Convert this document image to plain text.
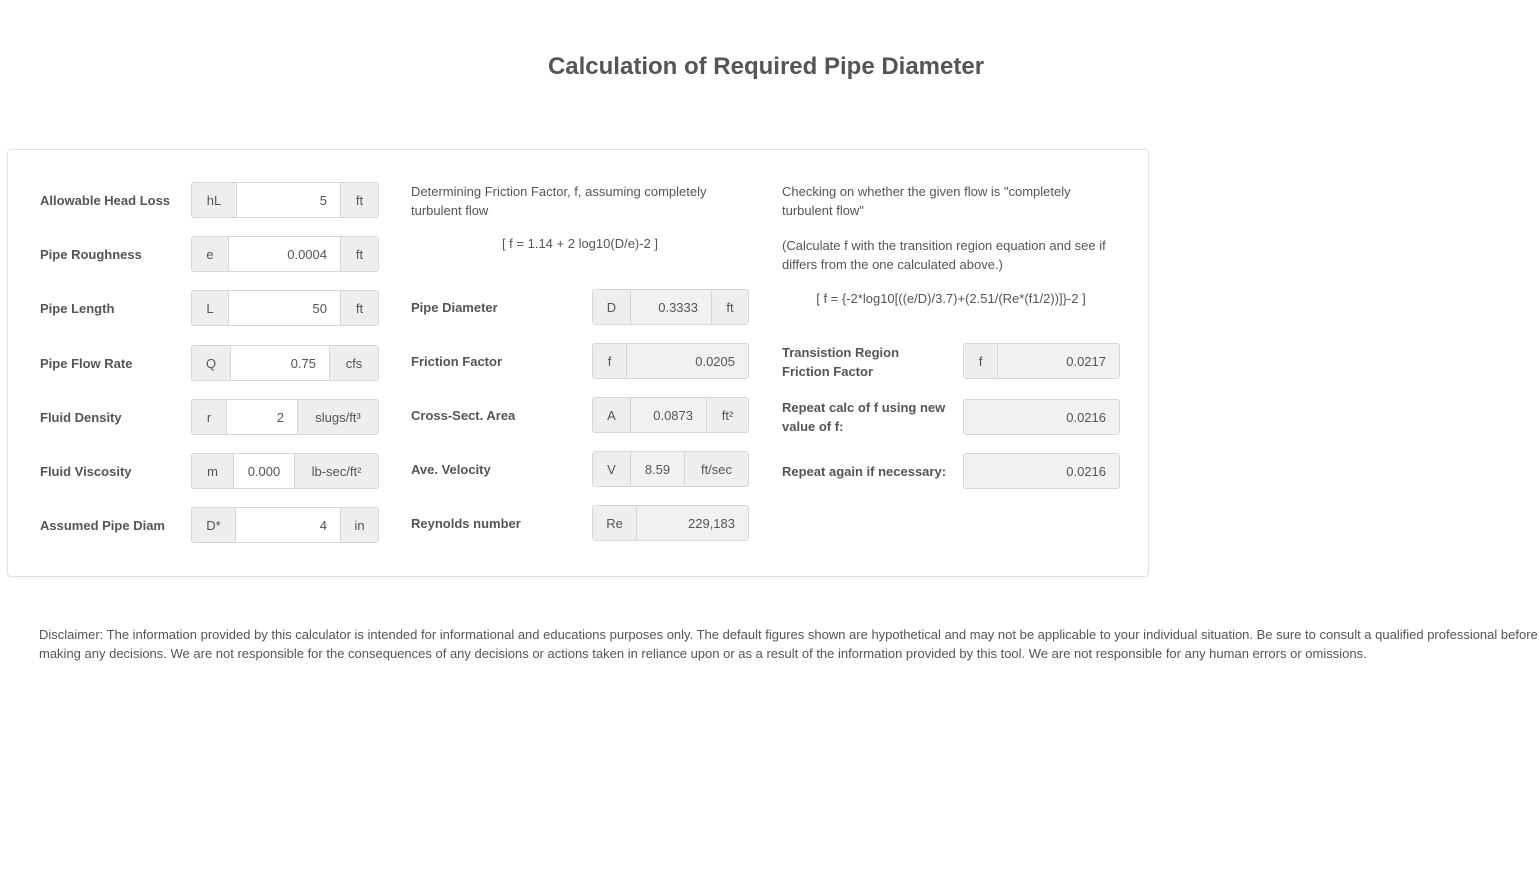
Calculation of Required Pipe Diameter
Allowable Head Loss	hL
5	ft
Pipe Roughness	e
0.0004	ft
Pipe Length	L
50	ft
Pipe Flow Rate	Q
0.75	cfs
Fluid Density	r
2	slugs/ft³
Fluid Viscosity	m
0.000	lb-sec/ft²
Assumed Pipe Diam	D*
4	in
Determining Friction Factor, f, assuming completely turbulent flow
[ f = 1.14 + 2 log10(D/e)-2 ]
Pipe Diameter	D
0.3333	ft
Friction Factor	f
0.0205
Cross-Sect. Area	A
0.0873	ft²
Ave. Velocity	V
8.59	ft/sec
Reynolds number	Re
229,183
Checking on whether the given flow is "completely turbulent flow"
(Calculate f with the transition region equation and see if differs from the one calculated above.)
[ f = {-2*log10[((e/D)/3.7)+(2.51/(Re*(f1/2))]}-2 ]
Transistion Region Friction Factor
f
0.0217
Repeat calc of f using new value of f:
0.0216
Repeat again if necessary:
0.0216
Disclaimer: The information provided by this calculator is intended for informational and educations purposes only. The default figures shown are hypothetical and may not be applicable to your individual situation. Be sure to consult a qualified professional before making any decisions. We are not responsible for the consequences of any decisions or actions taken in reliance upon or as a result of the information provided by this tool. We are not responsible for any human errors or omissions.
